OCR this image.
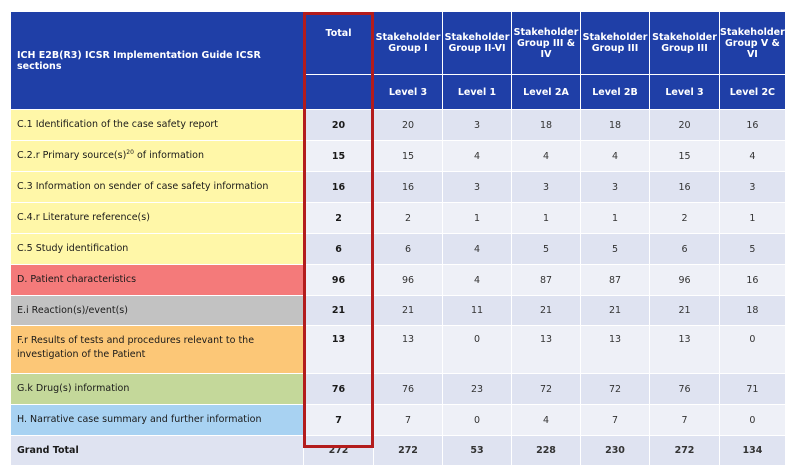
ICH E2B(R3) ICSR Implementation Guide ICSR sections	Total	Stakeholder Group I	Stakeholder Group II-VI	Stakeholder Group III & IV	Stakeholder Group III	Stakeholder Group III	Stakeholder Group V & VI
		Level 3	Level 1	Level 2A	Level 2B	Level 3	Level 2C
C.1 Identification of the case safety report	20	20	3	18	18	20	16
C.2.r Primary $source(s)^{20}$ of information	15	15	4	4	4	15	4
C.3 Information on sender of case safety information	16	16	3	3	3	16	3
C.4.r Literature reference(s)	2	2	1	1	1	2	1
C.5 Study identification	6	6	4	5	5	6	5
D. Patient characteristics	96	96	4	87	87	96	16
E.i Reaction(s)/event(s)	21	21	11	21	21	21	18
F.r Results of tests and procedures relevant to the investigation of the Patient	13	13	0	13	13	13	0
G.k Drug(s) information	76	76	23	72	72	76	71
H. Narrative case summary and further information	7	7	0	4	7	7	0
Grand Total	272	272	53	228	230	272	134
